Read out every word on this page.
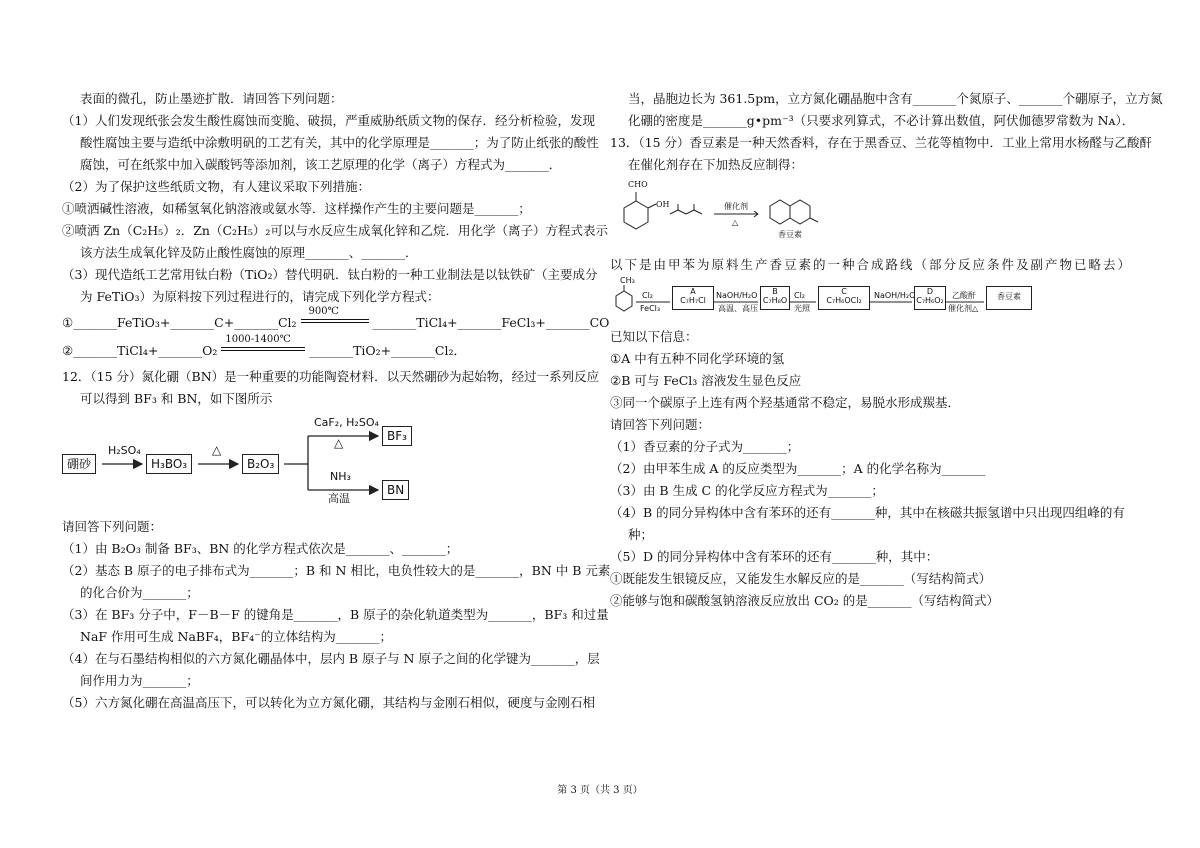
表面的微孔，防止墨迹扩散．请回答下列问题：

（1）人们发现纸张会发生酸性腐蚀而变脆、破损，严重威胁纸质文物的保存．经分析检验，发现

酸性腐蚀主要与造纸中涂敷明矾的工艺有关，其中的化学原理是_______；为了防止纸张的酸性

腐蚀，可在纸浆中加入碳酸钙等添加剂，该工艺原理的化学（离子）方程式为_______．

（2）为了保护这些纸质文物，有人建议采取下列措施：

①喷洒碱性溶液，如稀氢氧化钠溶液或氨水等．这样操作产生的主要问题是_______；

②喷洒 Zn（C₂H₅）₂．Zn（C₂H₅）₂可以与水反应生成氧化锌和乙烷．用化学（离子）方程式表示

该方法生成氧化锌及防止酸性腐蚀的原理_______、_______．

（3）现代造纸工艺常用钛白粉（TiO₂）替代明矾．钛白粉的一种工业制法是以钛铁矿（主要成分

为 FeTiO₃）为原料按下列过程进行的，请完成下列化学方程式：

①_______FeTiO₃+_______C+_______Cl₂
900℃
_______TiCl₄+_______FeCl₃+_______CO

②_______TiCl₄+_______O₂
1000-1400℃
_______TiO₂+_______Cl₂．

12．（15 分）氮化硼（BN）是一种重要的功能陶瓷材料．以天然硼砂为起始物，经过一系列反应

可以得到 BF₃ 和 BN，如下图所示

硼砂
H₂SO₄
H₃BO₃
△
B₂O₃
CaF₂, H₂SO₄
△	BF₃
NH₃
高温
BN

请回答下列问题：

（1）由 B₂O₃ 制备 BF₃、BN 的化学方程式依次是_______、_______；

（2）基态 B 原子的电子排布式为_______；B 和 N 相比，电负性较大的是_______，BN 中 B 元素

的化合价为_______；

（3）在 BF₃ 分子中，F－B－F 的键角是_______，B 原子的杂化轨道类型为_______，BF₃ 和过量

NaF 作用可生成 NaBF₄，BF₄⁻的立体结构为_______；

（4）在与石墨结构相似的六方氮化硼晶体中，层内 B 原子与 N 原子之间的化学键为_______，层

间作用力为_______；

（5）六方氮化硼在高温高压下，可以转化为立方氮化硼，其结构与金刚石相似，硬度与金刚石相

当，晶胞边长为 361.5pm，立方氮化硼晶胞中含有_______个氮原子、_______个硼原子，立方氮

化硼的密度是_______g•pm⁻³（只要求列算式，不必计算出数值，阿伏伽德罗常数为 Nᴀ）．

13．（15 分）香豆素是一种天然香料，存在于黑香豆、兰花等植物中．工业上常用水杨醛与乙酸酐

在催化剂存在下加热反应制得：

CHO
OH	催化剂
△
香豆素

以下是由甲苯为原料生产香豆素的一种合成路线（部分反应条件及副产物已略去）

CH₃
Cl₂
FeCl₃
A
C₇H₇Cl
NaOH/H₂O
高温、高压
B
C₇H₈O
Cl₂
光照
C
C₇H₆OCl₂
NaOH/H₂O	D
C₇H₆O₂
乙酸酐
催化剂△
香豆素

已知以下信息：

①A 中有五种不同化学环境的氢

②B 可与 FeCl₃ 溶液发生显色反应

③同一个碳原子上连有两个羟基通常不稳定，易脱水形成羰基．

请回答下列问题：

（1）香豆素的分子式为_______；

（2）由甲苯生成 A 的反应类型为_______；A 的化学名称为_______

（3）由 B 生成 C 的化学反应方程式为_______；

（4）B 的同分异构体中含有苯环的还有_______种，其中在核磁共振氢谱中只出现四组峰的有

种；

（5）D 的同分异构体中含有苯环的还有_______种，其中：

①既能发生银镜反应，又能发生水解反应的是_______（写结构简式）

②能够与饱和碳酸氢钠溶液反应放出 CO₂ 的是_______（写结构简式）

第 3 页（共 3 页）
